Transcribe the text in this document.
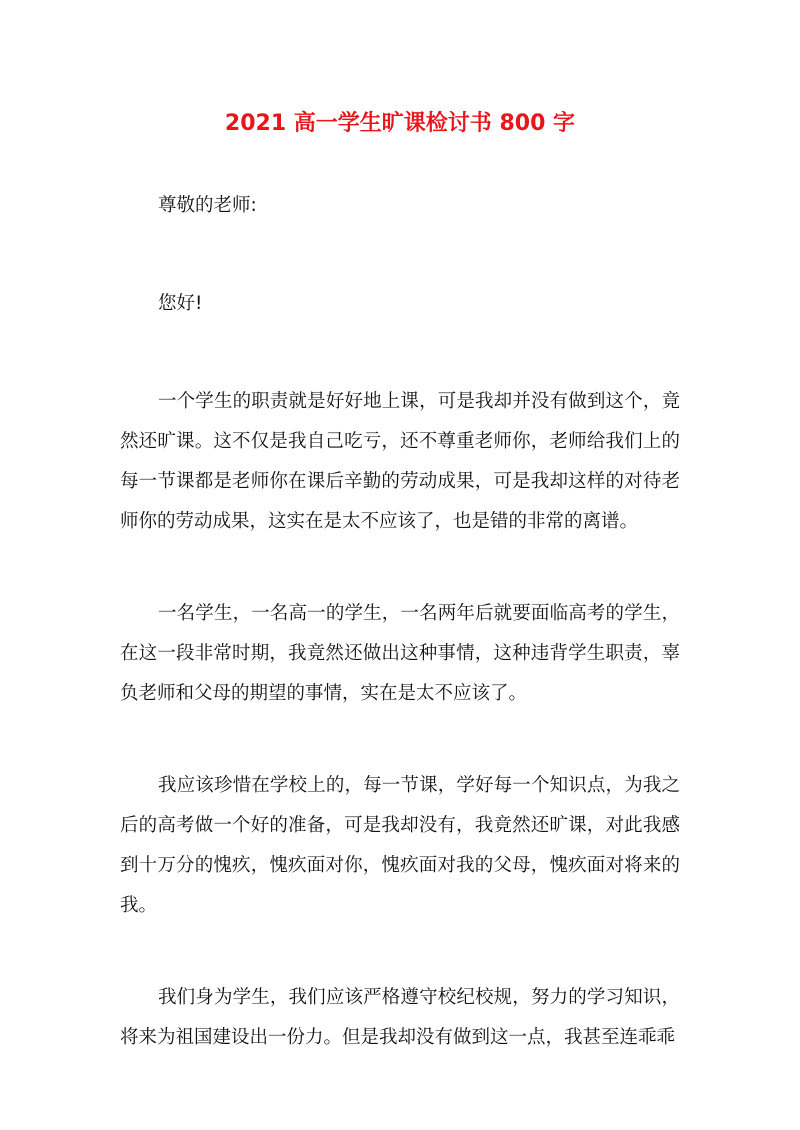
2021 高一学生旷课检讨书 800 字

尊敬的老师:

您好!

一个学生的职责就是好好地上课，可是我却并没有做到这个，竟然还旷课。这不仅是我自己吃亏，还不尊重老师你，老师给我们上的每一节课都是老师你在课后辛勤的劳动成果，可是我却这样的对待老师你的劳动成果，这实在是太不应该了，也是错的非常的离谱。

一名学生，一名高一的学生，一名两年后就要面临高考的学生，在这一段非常时期，我竟然还做出这种事情，这种违背学生职责，辜负老师和父母的期望的事情，实在是太不应该了。

我应该珍惜在学校上的，每一节课，学好每一个知识点，为我之后的高考做一个好的准备，可是我却没有，我竟然还旷课，对此我感到十万分的愧疚，愧疚面对你，愧疚面对我的父母，愧疚面对将来的我。

我们身为学生，我们应该严格遵守校纪校规，努力的学习知识，将来为祖国建设出一份力。但是我却没有做到这一点，我甚至连乖乖
